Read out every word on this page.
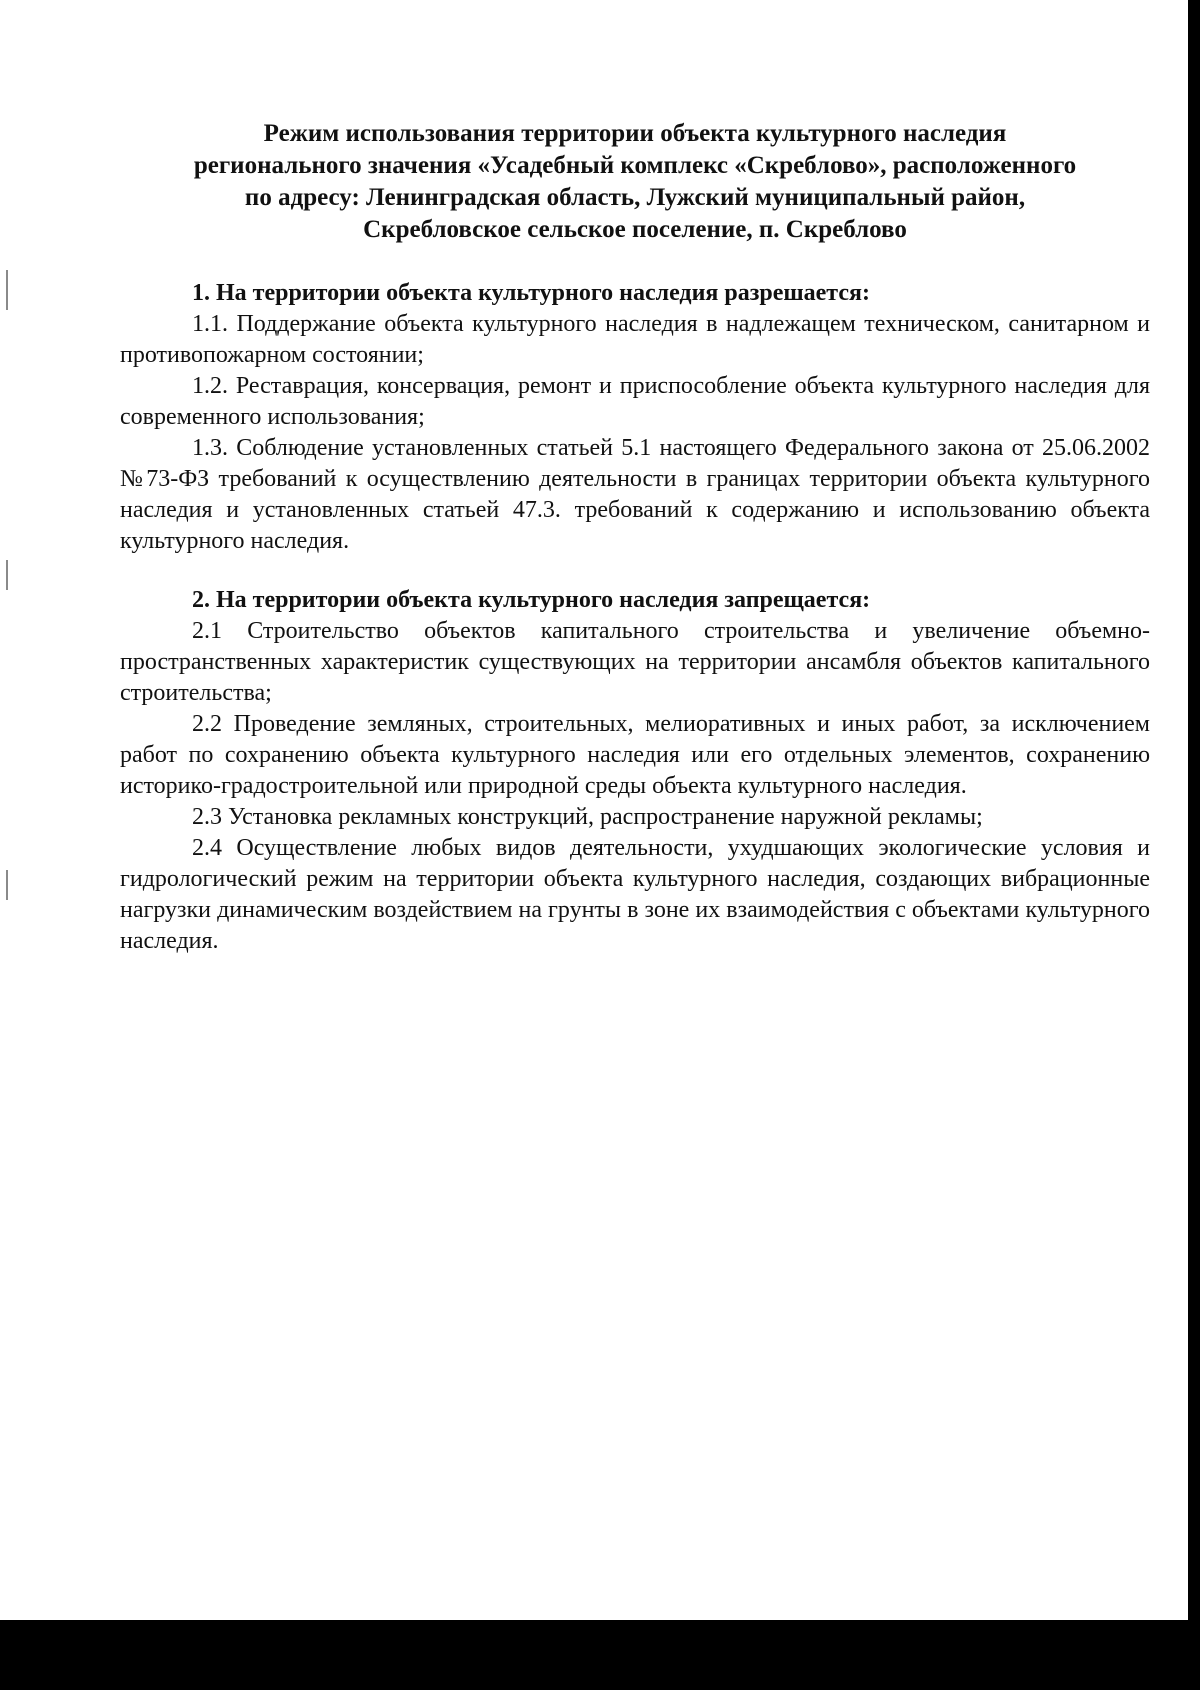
Режим использования территории объекта культурного наследия
регионального значения «Усадебный комплекс «Скреблово», расположенного
по адресу: Ленинградская область, Лужский муниципальный район,
Скребловское сельское поселение, п. Скреблово

1. На территории объекта культурного наследия разрешается:

1.1. Поддержание объекта культурного наследия в надлежащем техническом, санитарном и противопожарном состоянии;

1.2. Реставрация, консервация, ремонт и приспособление объекта культурного наследия для современного использования;

1.3. Соблюдение установленных статьей 5.1 настоящего Федерального закона от 25.06.2002 №73-ФЗ требований к осуществлению деятельности в границах территории объекта культурного наследия и установленных статьей 47.3. требований к содержанию и использованию объекта культурного наследия.

2. На территории объекта культурного наследия запрещается:

2.1 Строительство объектов капитального строительства и увеличение объемно-пространственных характеристик существующих на территории ансамбля объектов капитального строительства;

2.2 Проведение земляных, строительных, мелиоративных и иных работ, за исключением работ по сохранению объекта культурного наследия или его отдельных элементов, сохранению историко-градостроительной или природной среды объекта культурного наследия.

2.3 Установка рекламных конструкций, распространение наружной рекламы;

2.4 Осуществление любых видов деятельности, ухудшающих экологические условия и гидрологический режим на территории объекта культурного наследия, создающих вибрационные нагрузки динамическим воздействием на грунты в зоне их взаимодействия с объектами культурного наследия.
